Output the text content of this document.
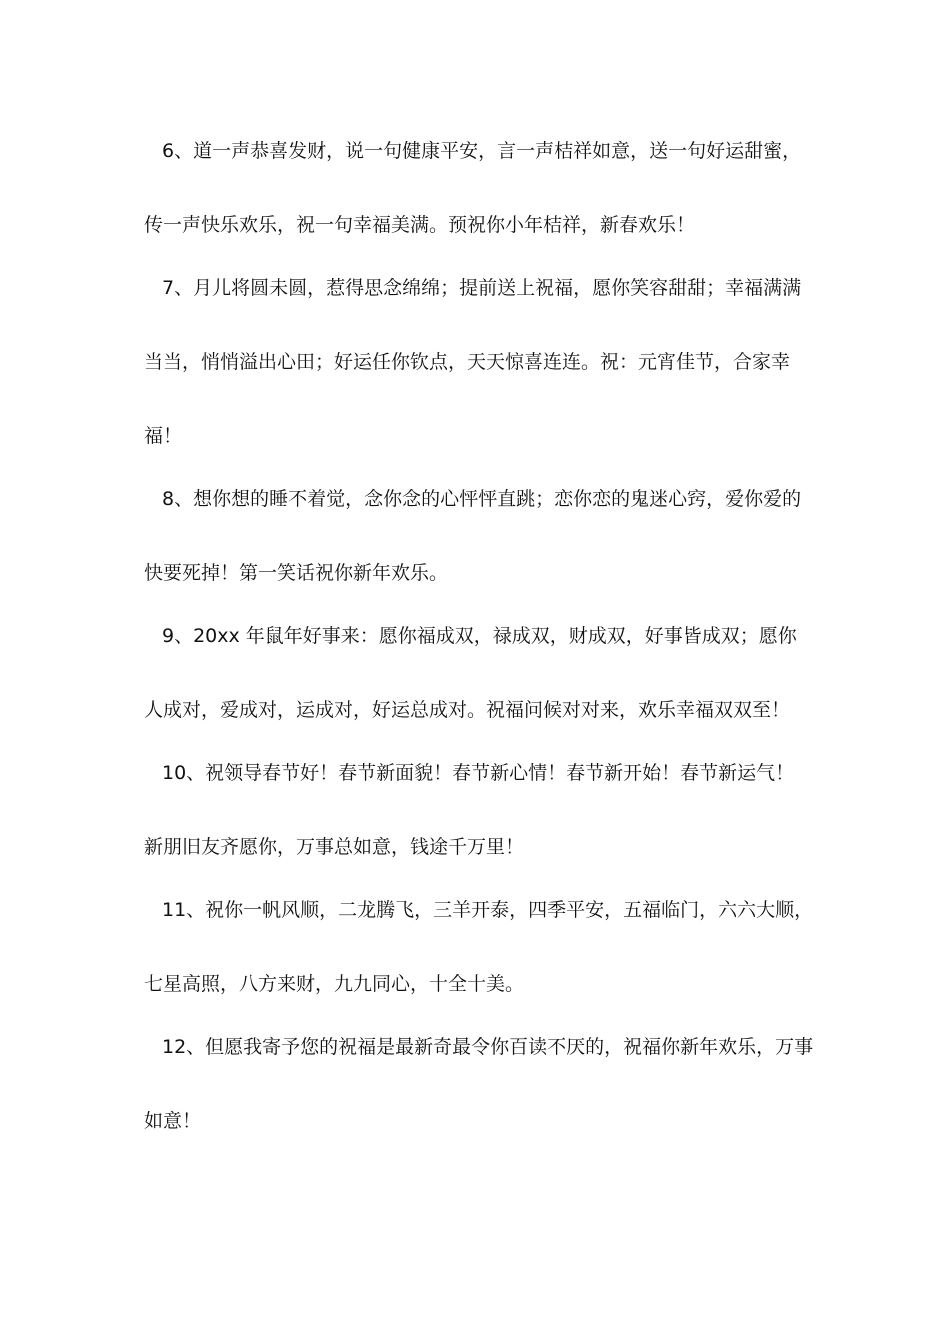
6、道一声恭喜发财，说一句健康平安，言一声桔祥如意，送一句好运甜蜜，
传一声快乐欢乐，祝一句幸福美满。预祝你小年桔祥，新春欢乐！
7、月儿将圆未圆，惹得思念绵绵；提前送上祝福，愿你笑容甜甜；幸福满满
当当，悄悄溢出心田；好运任你钦点，天天惊喜连连。祝：元宵佳节，合家幸
福！
8、想你想的睡不着觉，念你念的心怦怦直跳；恋你恋的鬼迷心窍，爱你爱的
快要死掉！第一笑话祝你新年欢乐。
9、20xx 年鼠年好事来：愿你福成双，禄成双，财成双，好事皆成双；愿你
人成对，爱成对，运成对，好运总成对。祝福问候对对来，欢乐幸福双双至！
10、祝领导春节好！春节新面貌！春节新心情！春节新开始！春节新运气！
新朋旧友齐愿你，万事总如意，钱途千万里！
11、祝你一帆风顺，二龙腾飞，三羊开泰，四季平安，五福临门，六六大顺，
七星高照，八方来财，九九同心，十全十美。
12、但愿我寄予您的祝福是最新奇最令你百读不厌的，祝福你新年欢乐，万事
如意！
